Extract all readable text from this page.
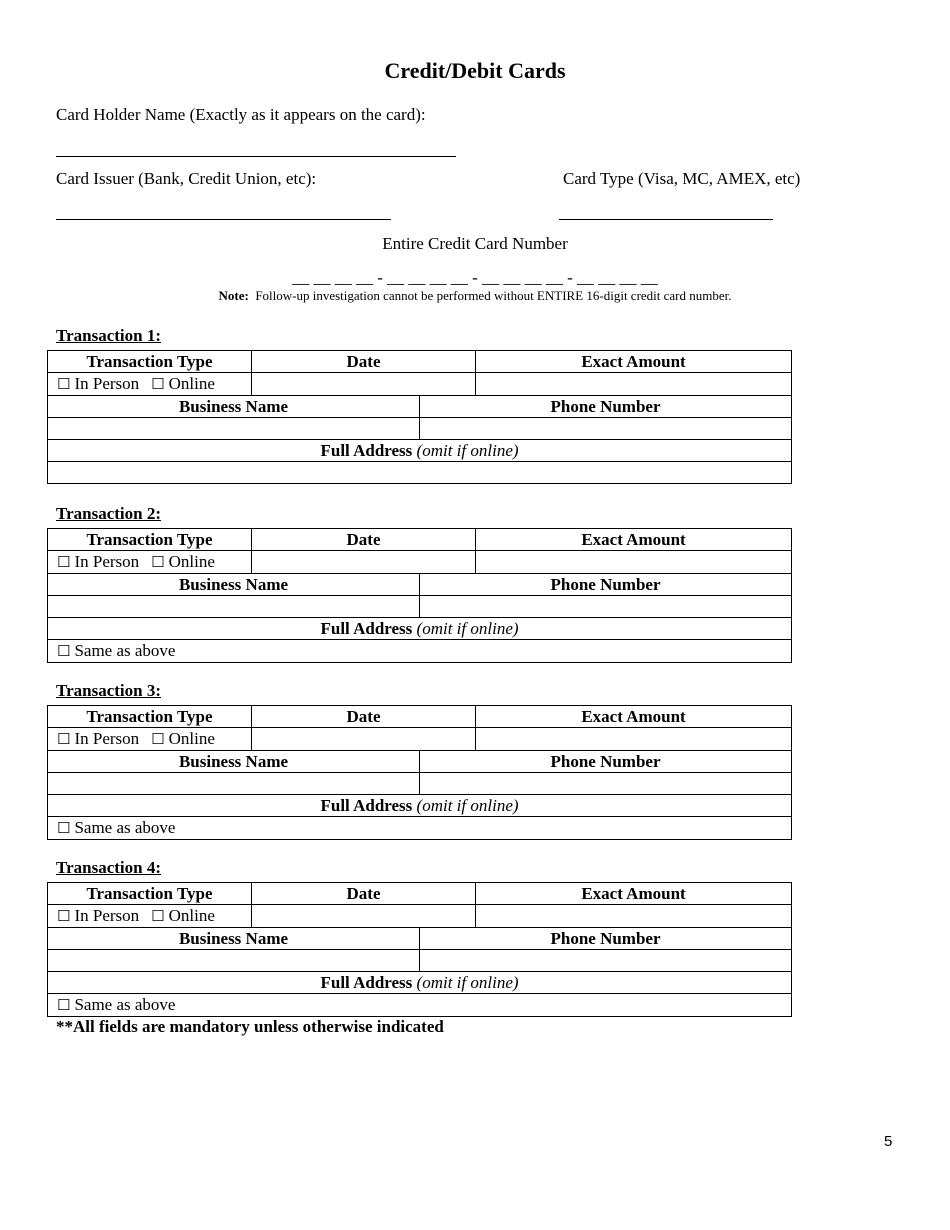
Credit/Debit Cards
Card Holder Name (Exactly as it appears on the card):
Card Issuer (Bank, Credit Union, etc):	Card Type (Visa, MC, AMEX, etc)
Entire Credit Card Number
__ __ __ __ - __ __ __ __ - __ __ __ __ - __ __ __ __
Note: Follow-up investigation cannot be performed without ENTIRE 16-digit credit card number.
Transaction 1:
Transaction Type	Date		Exact Amount
☐ In Person ☐ Online			
Business Name		Phone Number	

Full Address (omit if online)			

Transaction 2:
Transaction Type	Date		Exact Amount
☐ In Person ☐ Online			
Business Name		Phone Number	

Full Address (omit if online)			
☐ Same as above			
Transaction 3:
Transaction Type	Date		Exact Amount
☐ In Person ☐ Online			
Business Name		Phone Number	

Full Address (omit if online)			
☐ Same as above			
Transaction 4:
Transaction Type	Date		Exact Amount
☐ In Person ☐ Online			
Business Name		Phone Number	

Full Address (omit if online)			
☐ Same as above			
**All fields are mandatory unless otherwise indicated
5
